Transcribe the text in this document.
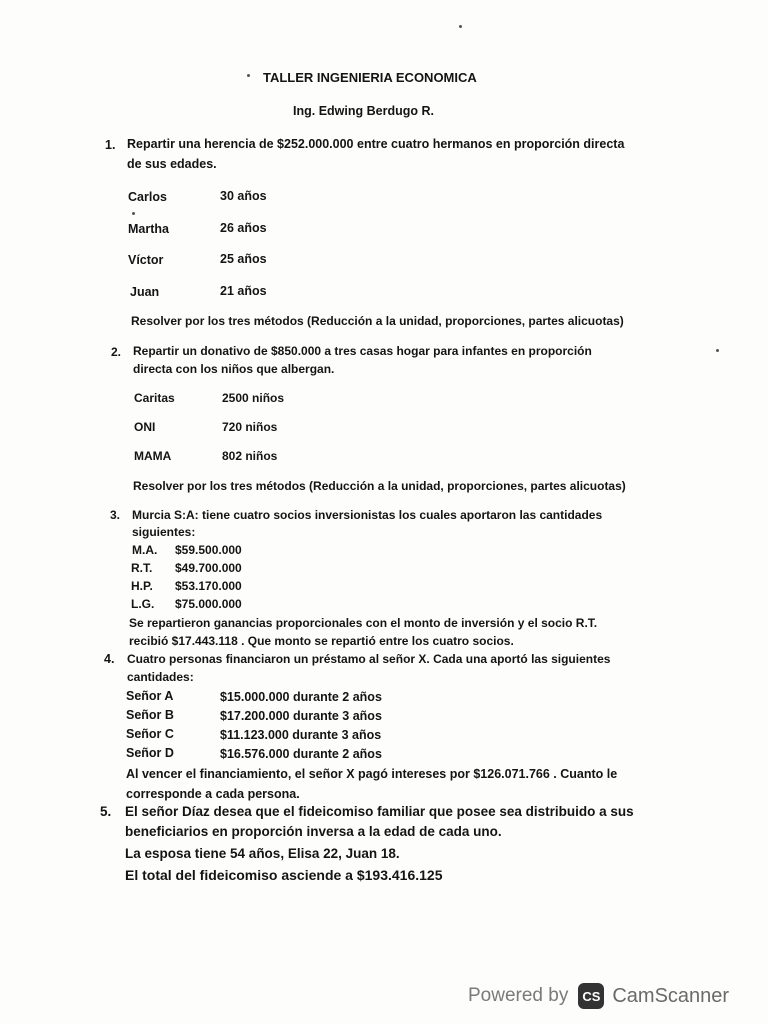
TALLER INGENIERIA ECONOMICA
Ing. Edwing Berdugo R.
1. Repartir una herencia de $252.000.000 entre cuatro hermanos en proporción directa
de sus edades.
Carlos	30 años
Martha	26 años
Víctor	25 años
Juan	21 años
Resolver por los tres métodos (Reducción a la unidad, proporciones, partes alicuotas)
2. Repartir un donativo de $850.000 a tres casas hogar para infantes en proporción
directa con los niños que albergan.
Caritas	2500 niños
ONI	720 niños
MAMA	802 niños
Resolver por los tres métodos (Reducción a la unidad, proporciones, partes alicuotas)
3. Murcia S:A: tiene cuatro socios inversionistas los cuales aportaron las cantidades
siguientes:
M.A. $59.500.000
R.T. $49.700.000
H.P. $53.170.000
L.G. $75.000.000
Se repartieron ganancias proporcionales con el monto de inversión y el socio R.T.
recibió $17.443.118 . Que monto se repartió entre los cuatro socios.
4. Cuatro personas financiaron un préstamo al señor X. Cada una aportó las siguientes
cantidades:
Señor A	$15.000.000 durante 2 años
Señor B	$17.200.000 durante 3 años
Señor C	$11.123.000 durante 3 años
Señor D	$16.576.000 durante 2 años
Al vencer el financiamiento, el señor X pagó intereses por $126.071.766 . Cuanto le
corresponde a cada persona.
5. El señor Díaz desea que el fideicomiso familiar que posee sea distribuido a sus
beneficiarios en proporción inversa a la edad de cada uno.
La esposa tiene 54 años, Elisa 22, Juan 18.
El total del fideicomiso asciende a $193.416.125
Powered by	CS CamScanner
